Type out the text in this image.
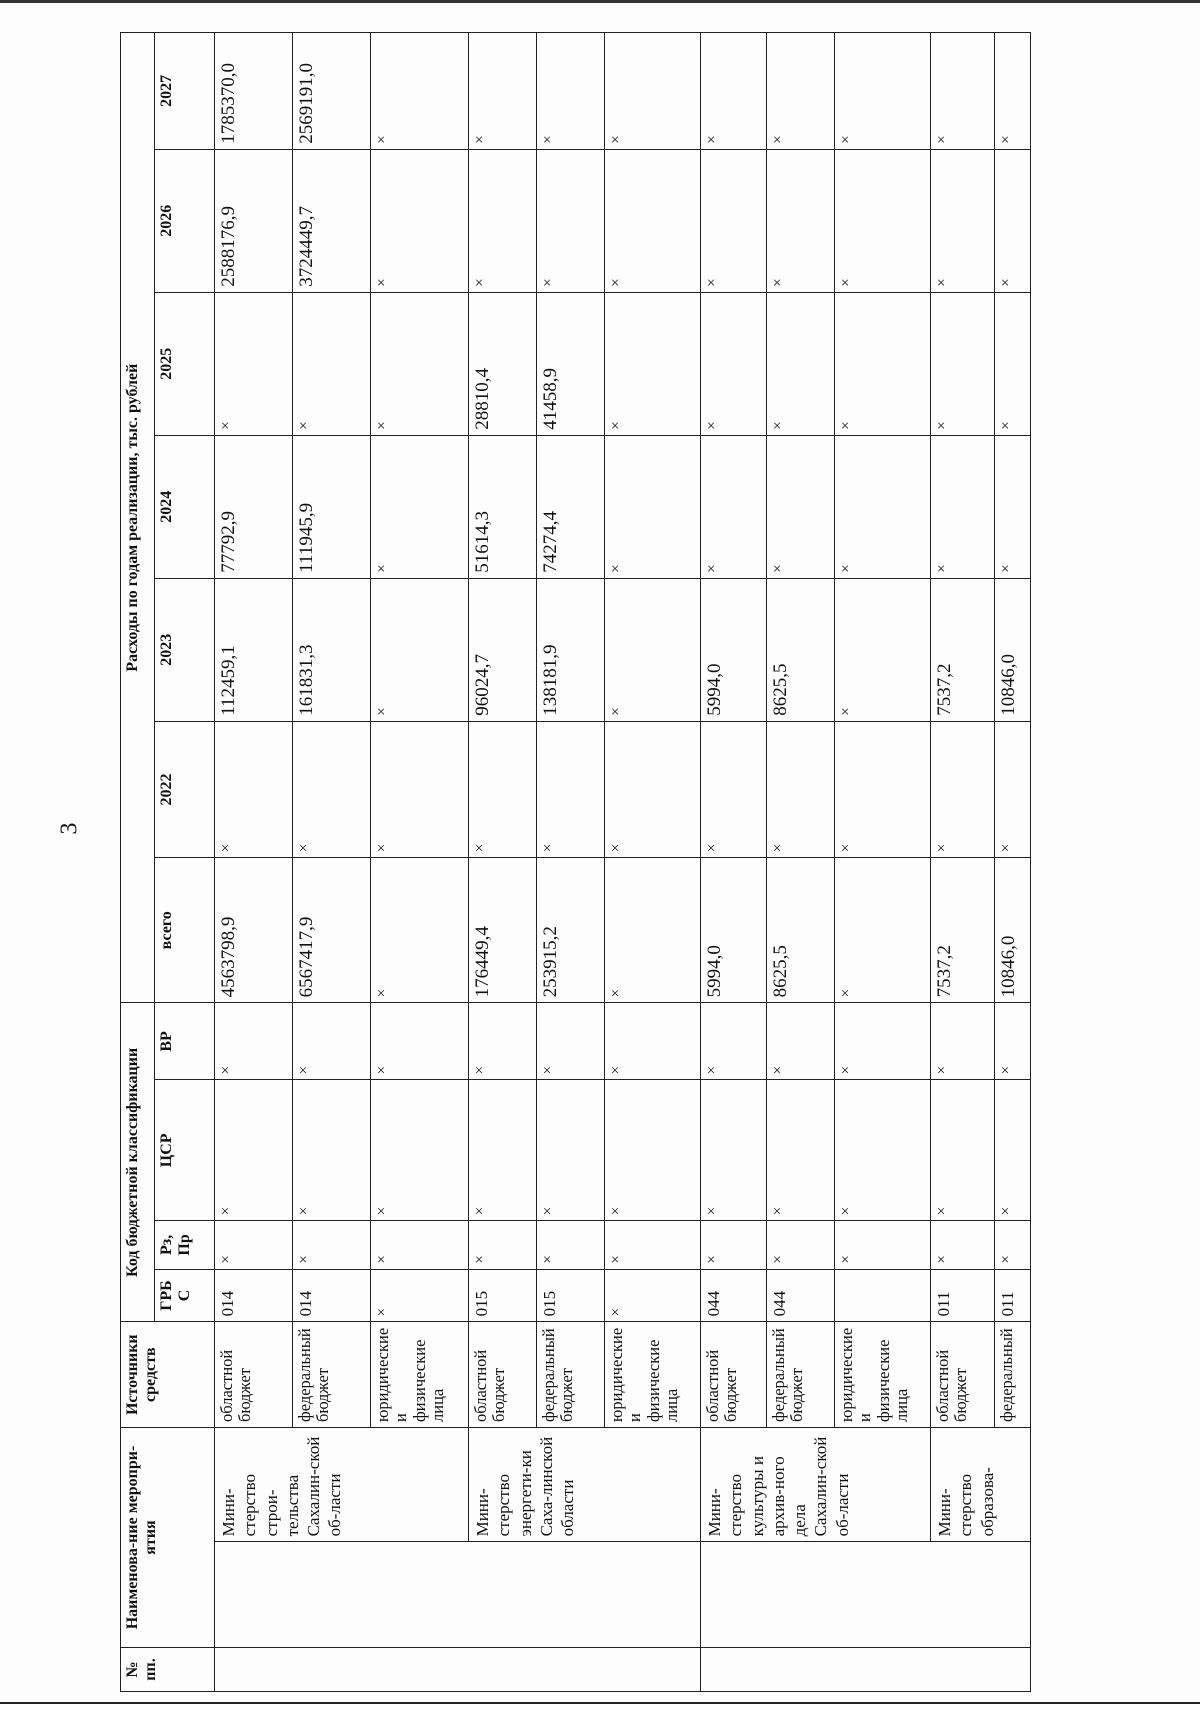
3
№ пп.	Наименова-ние меропри-ятия		Источники средств	Код бюджетной классификации				Расходы по годам реализации, тыс. рублей						
				ГРБ С	Рз, Пр	ЦСР	ВР	всего	2022	2023	2024	2025	2026	2027
		Мини-стерство строи-тельства Сахалин-ской об-ласти	областной бюджет	014	×	×	×	4563798,9	×	112459,1	77792,9	×	2588176,9	1785370,0
			федеральный бюджет	014	×	×	×	6567417,9	×	161831,3	111945,9	×	3724449,7	2569191,0
			юридические и физические лица	×	×	×	×	×	×	×	×	×	×	×
		Мини-стерство энергети-ки Саха-линской области	областной бюджет	015	×	×	×	176449,4	×	96024,7	51614,3	28810,4	×	×
			федеральный бюджет	015	×	×	×	253915,2	×	138181,9	74274,4	41458,9	×	×
			юридические и физические лица	×	×	×	×	×	×	×	×	×	×	×
		Мини-стерство культуры и архив-ного дела Сахалин-ской об-ласти	областной бюджет	044	×	×	×	5994,0	×	5994,0	×	×	×	×
			федеральный бюджет	044	×	×	×	8625,5	×	8625,5	×	×	×	×
			юридические и физические лица		×	×	×	×	×	×	×	×	×	×
		Мини-стерство образова-	областной бюджет	011	×	×	×	7537,2	×	7537,2	×	×	×	×
			федеральный	011	×	×	×	10846,0	×	10846,0	×	×	×	×
